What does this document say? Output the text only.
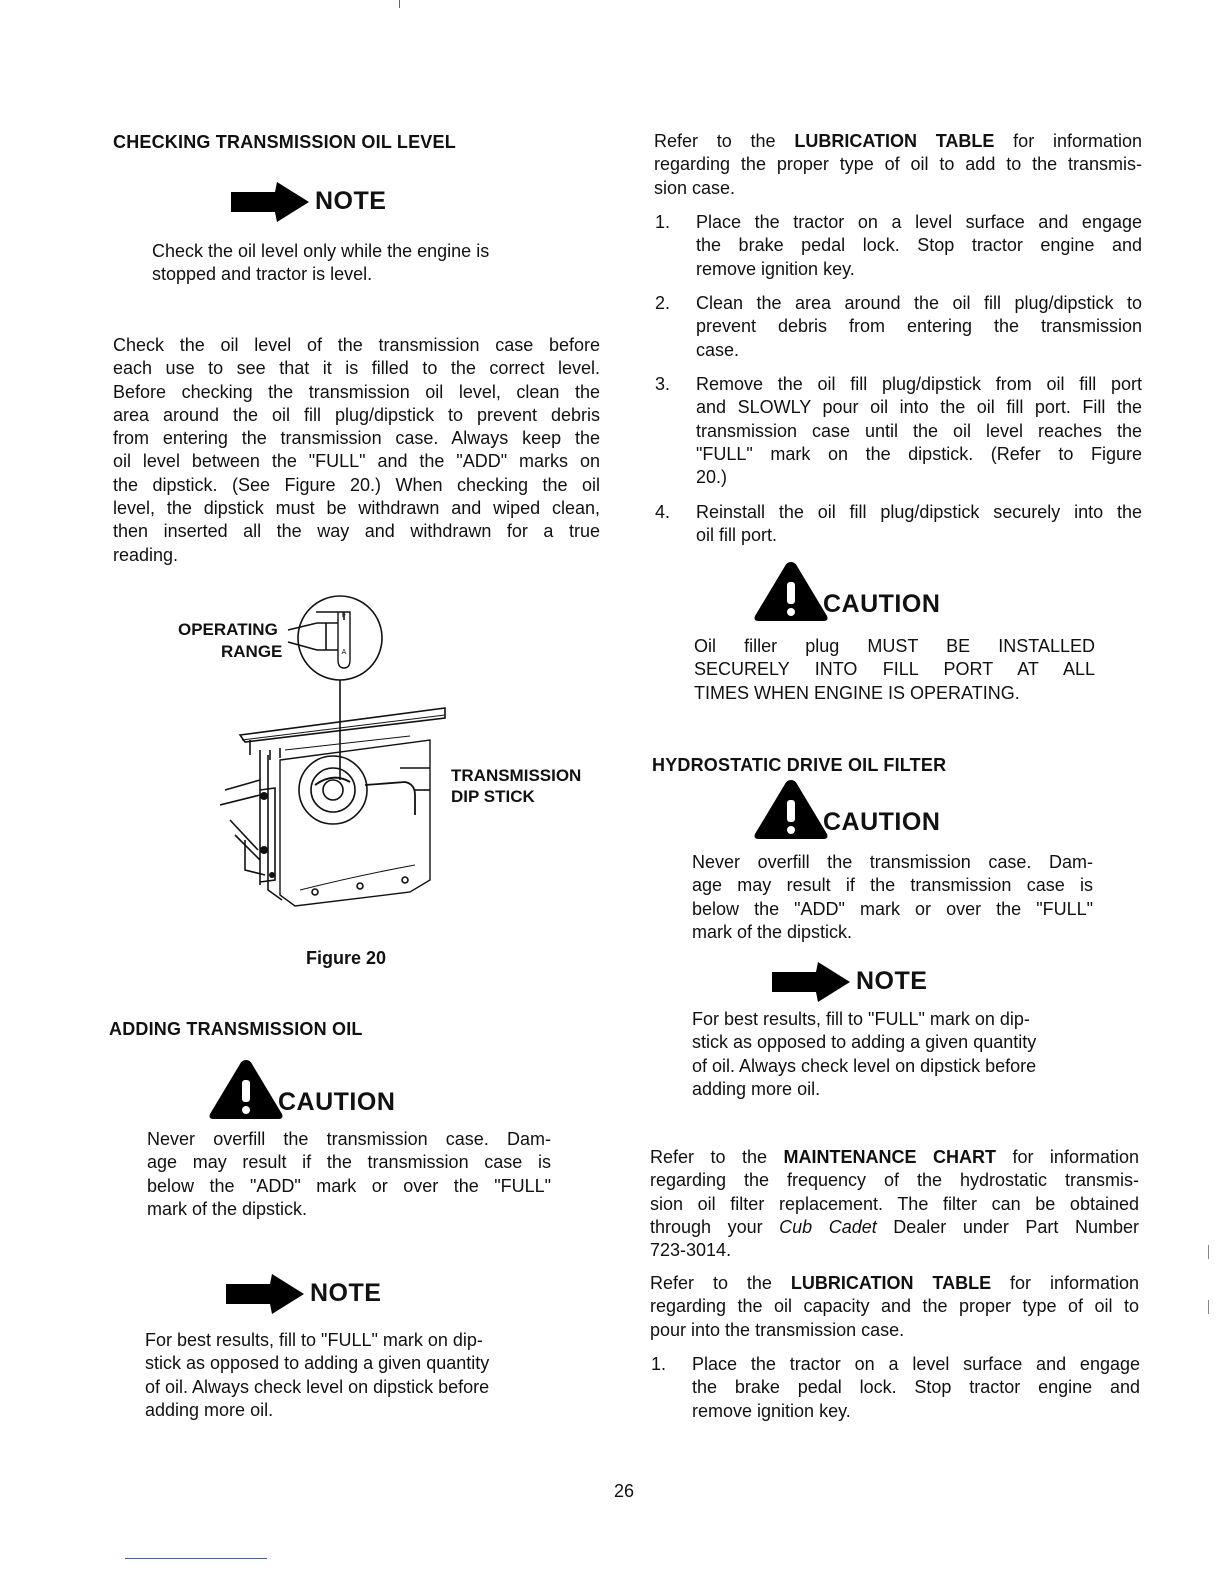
CHECKING TRANSMISSION OIL LEVEL
NOTE
Check the oil level only while the engine is
stopped and tractor is level.
Check the oil level of the transmission case before
each use to see that it is filled to the correct level.
Before checking the transmission oil level, clean the
area around the oil fill plug/dipstick to prevent debris
from entering the transmission case. Always keep the
oil level between the "FULL" and the "ADD" marks on
the dipstick. (See Figure 20.) When checking the oil
level, the dipstick must be withdrawn and wiped clean,
then inserted all the way and withdrawn for a true
reading.
OPERATING
RANGE
TRANSMISSION
DIP STICK
F
A
Figure 20
ADDING TRANSMISSION OIL
CAUTION
Never overfill the transmission case. Dam-
age may result if the transmission case is
below the "ADD" mark or over the "FULL"
mark of the dipstick.
NOTE
For best results, fill to "FULL" mark on dip-
stick as opposed to adding a given quantity
of oil. Always check level on dipstick before
adding more oil.
Refer to the LUBRICATION TABLE for information
regarding the proper type of oil to add to the transmis-
sion case.
1. Place the tractor on a level surface and engage
the brake pedal lock. Stop tractor engine and
remove ignition key.
2. Clean the area around the oil fill plug/dipstick to
prevent debris from entering the transmission
case.
3. Remove the oil fill plug/dipstick from oil fill port
and SLOWLY pour oil into the oil fill port. Fill the
transmission case until the oil level reaches the
"FULL" mark on the dipstick. (Refer to Figure
20.)
4. Reinstall the oil fill plug/dipstick securely into the
oil fill port.
CAUTION
Oil filler plug MUST BE INSTALLED
SECURELY INTO FILL PORT AT ALL
TIMES WHEN ENGINE IS OPERATING.
HYDROSTATIC DRIVE OIL FILTER
CAUTION
Never overfill the transmission case. Dam-
age may result if the transmission case is
below the "ADD" mark or over the "FULL"
mark of the dipstick.
NOTE
For best results, fill to "FULL" mark on dip-
stick as opposed to adding a given quantity
of oil. Always check level on dipstick before
adding more oil.
Refer to the MAINTENANCE CHART for information
regarding the frequency of the hydrostatic transmis-
sion oil filter replacement. The filter can be obtained
through your Cub Cadet Dealer under Part Number
723-3014.
Refer to the LUBRICATION TABLE for information
regarding the oil capacity and the proper type of oil to
pour into the transmission case.
1. Place the tractor on a level surface and engage
the brake pedal lock. Stop tractor engine and
remove ignition key.
26
